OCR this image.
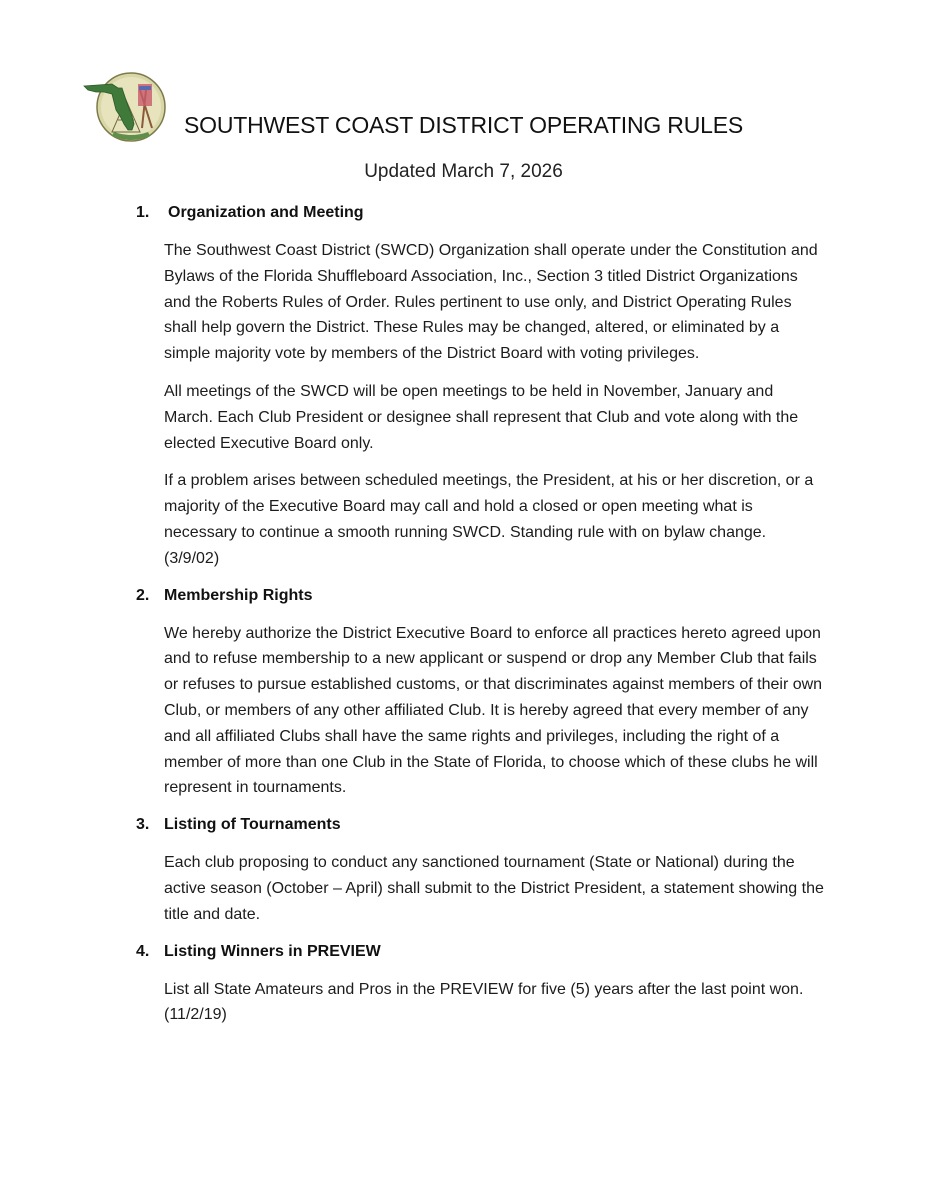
SOUTHWEST COAST DISTRICT OPERATING RULES
Updated March 7, 2026
1.	Organization and Meeting

The Southwest Coast District (SWCD) Organization shall operate under the Constitution and Bylaws of the Florida Shuffleboard Association, Inc., Section 3 titled District Organizations and the Roberts Rules of Order. Rules pertinent to use only, and District Operating Rules shall help govern the District. These Rules may be changed, altered, or eliminated by a simple majority vote by members of the District Board with voting privileges.

All meetings of the SWCD will be open meetings to be held in November, January and March. Each Club President or designee shall represent that Club and vote along with the elected Executive Board only.

If a problem arises between scheduled meetings, the President, at his or her discretion, or a majority of the Executive Board may call and hold a closed or open meeting what is necessary to continue a smooth running SWCD. Standing rule with on bylaw change. (3/9/02)

2. Membership Rights

We hereby authorize the District Executive Board to enforce all practices hereto agreed upon and to refuse membership to a new applicant or suspend or drop any Member Club that fails or refuses to pursue established customs, or that discriminates against members of their own Club, or members of any other affiliated Club. It is hereby agreed that every member of any and all affiliated Clubs shall have the same rights and privileges, including the right of a member of more than one Club in the State of Florida, to choose which of these clubs he will represent in tournaments.

3. Listing of Tournaments

Each club proposing to conduct any sanctioned tournament (State or National) during the active season (October – April) shall submit to the District President, a statement showing the title and date.

4. Listing Winners in PREVIEW

List all State Amateurs and Pros in the PREVIEW for five (5) years after the last point won. (11/2/19)
